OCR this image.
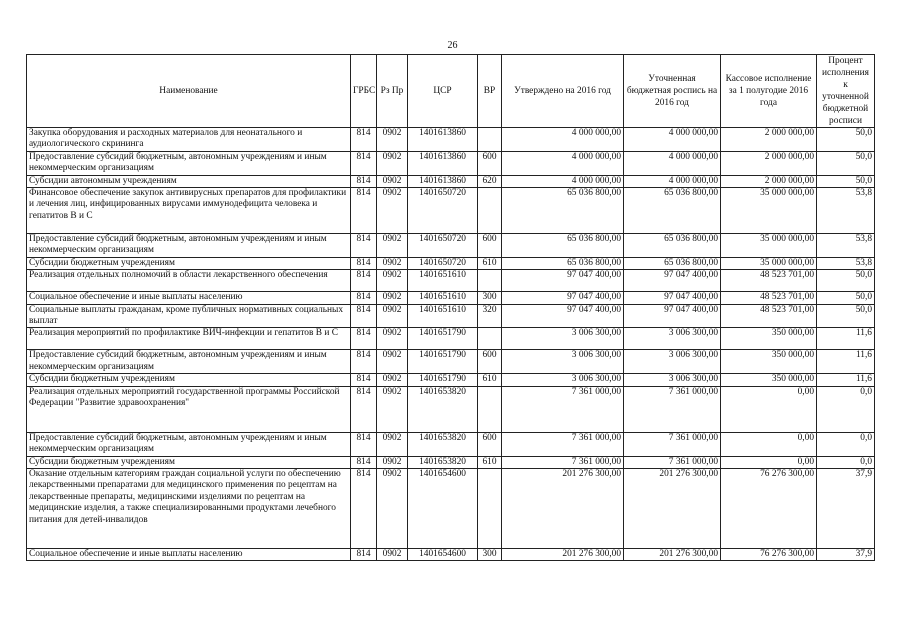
26
Наименование	ГРБС	Рз Пр	ЦСР	ВР	Утверждено на 2016 год	Уточненная бюджетная роспись на 2016 год	Кассовое исполнение за 1 полугодие 2016 года	Процент исполнения к уточненной бюджетной росписи
Закупка оборудования и расходных материалов для неонатального и аудиологического скрининга	814	0902	1401613860		4 000 000,00	4 000 000,00	2 000 000,00	50,0
Предоставление субсидий бюджетным, автономным учреждениям и иным некоммерческим организациям	814	0902	1401613860	600	4 000 000,00	4 000 000,00	2 000 000,00	50,0
Субсидии автономным учреждениям	814	0902	1401613860	620	4 000 000,00	4 000 000,00	2 000 000,00	50,0
Финансовое обеспечение закупок антивирусных препаратов для профилактики и лечения лиц, инфицированных вирусами иммунодефицита человека и гепатитов В и С	814	0902	1401650720		65 036 800,00	65 036 800,00	35 000 000,00	53,8
Предоставление субсидий бюджетным, автономным учреждениям и иным некоммерческим организациям	814	0902	1401650720	600	65 036 800,00	65 036 800,00	35 000 000,00	53,8
Субсидии бюджетным учреждениям	814	0902	1401650720	610	65 036 800,00	65 036 800,00	35 000 000,00	53,8
Реализация отдельных полномочий в области лекарственного обеспечения	814	0902	1401651610		97 047 400,00	97 047 400,00	48 523 701,00	50,0
Социальное обеспечение и иные выплаты населению	814	0902	1401651610	300	97 047 400,00	97 047 400,00	48 523 701,00	50,0
Социальные выплаты гражданам, кроме публичных нормативных социальных выплат	814	0902	1401651610	320	97 047 400,00	97 047 400,00	48 523 701,00	50,0
Реализация мероприятий по профилактике ВИЧ-инфекции и гепатитов В и С	814	0902	1401651790		3 006 300,00	3 006 300,00	350 000,00	11,6
Предоставление субсидий бюджетным, автономным учреждениям и иным некоммерческим организациям	814	0902	1401651790	600	3 006 300,00	3 006 300,00	350 000,00	11,6
Субсидии бюджетным учреждениям	814	0902	1401651790	610	3 006 300,00	3 006 300,00	350 000,00	11,6
Реализация отдельных мероприятий государственной программы Российской Федерации "Развитие здравоохранения"	814	0902	1401653820		7 361 000,00	7 361 000,00	0,00	0,0
Предоставление субсидий бюджетным, автономным учреждениям и иным некоммерческим организациям	814	0902	1401653820	600	7 361 000,00	7 361 000,00	0,00	0,0
Субсидии бюджетным учреждениям	814	0902	1401653820	610	7 361 000,00	7 361 000,00	0,00	0,0
Оказание отдельным категориям граждан социальной услуги по обеспечению лекарственными препаратами для медицинского применения по рецептам на лекарственные препараты, медицинскими изделиями по рецептам на медицинские изделия, а также специализированными продуктами лечебного питания для детей-инвалидов	814	0902	1401654600		201 276 300,00	201 276 300,00	76 276 300,00	37,9
Социальное обеспечение и иные выплаты населению	814	0902	1401654600	300	201 276 300,00	201 276 300,00	76 276 300,00	37,9
